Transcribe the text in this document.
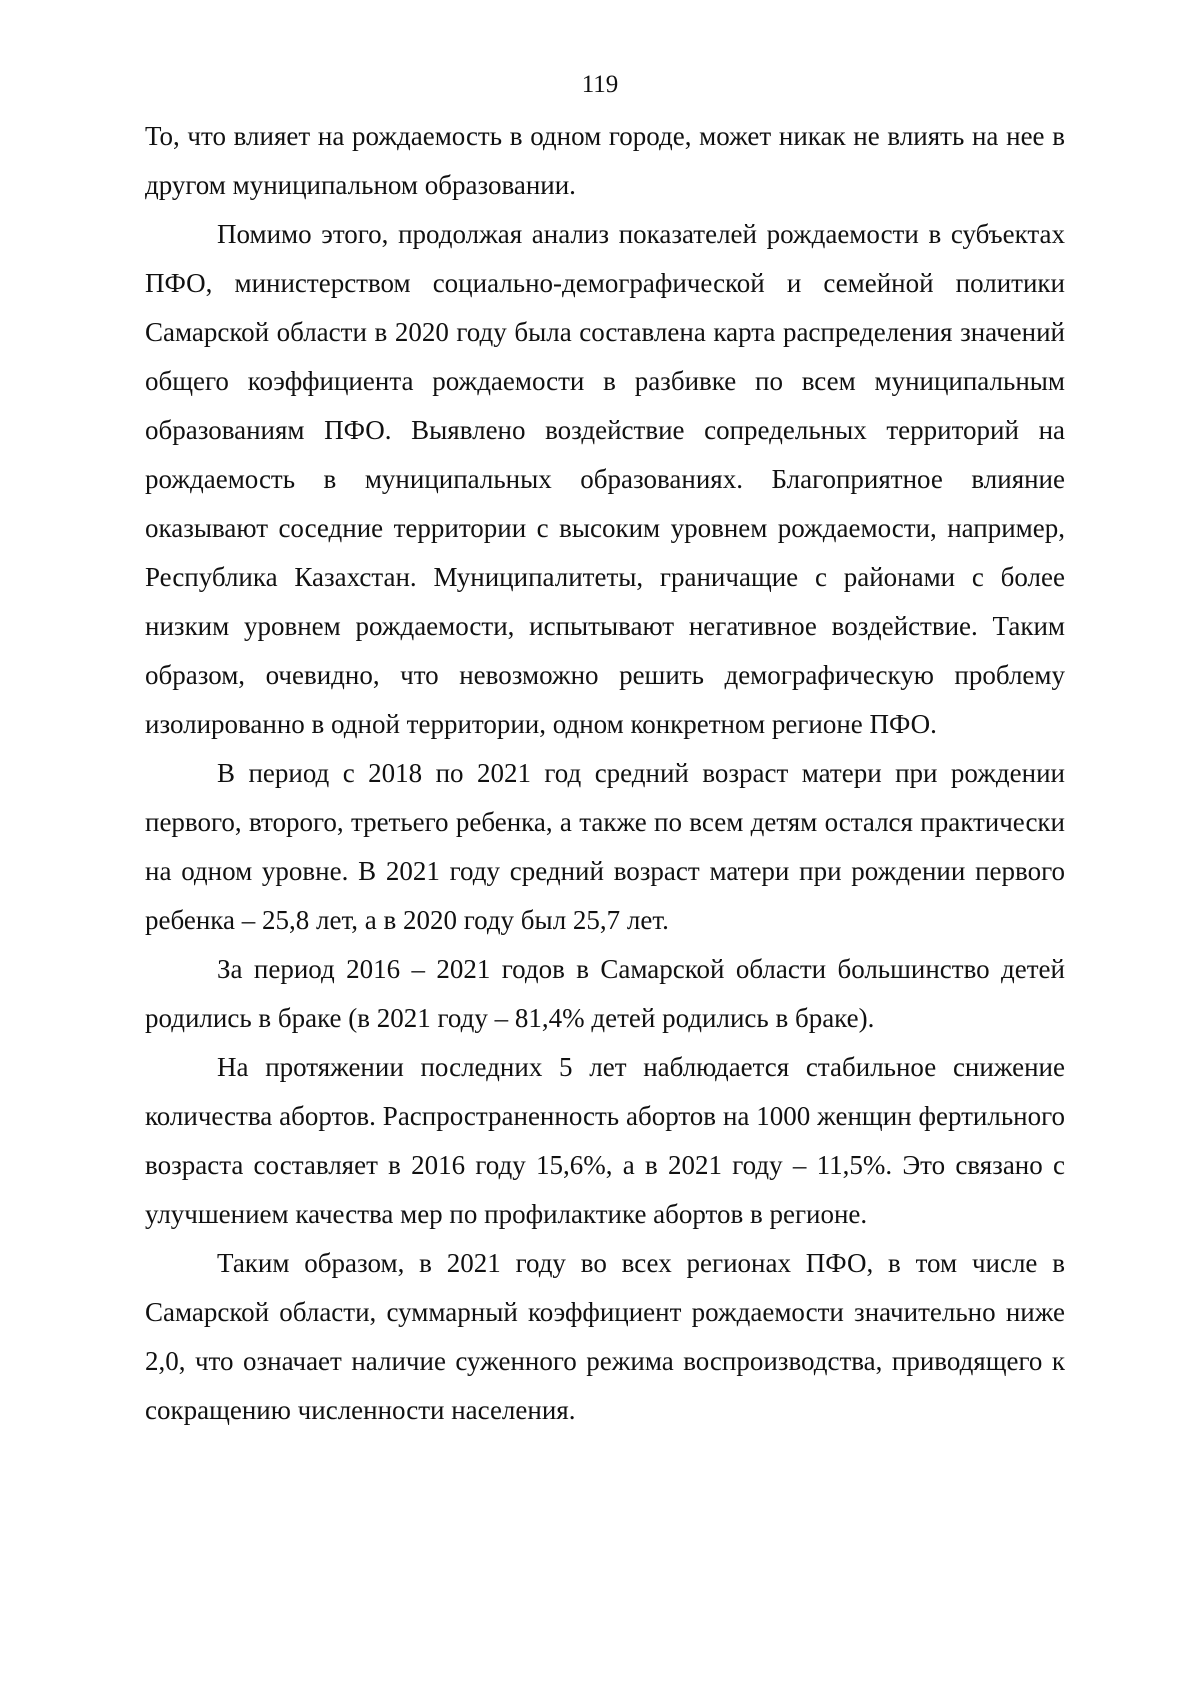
119

То, что влияет на рождаемость в одном городе, может никак не влиять на нее в другом муниципальном образовании.

Помимо этого, продолжая анализ показателей рождаемости в субъектах ПФО, министерством социально-демографической и семейной политики Самарской области в 2020 году была составлена карта распределения значений общего коэффициента рождаемости в разбивке по всем муниципальным образованиям ПФО. Выявлено воздействие сопредельных территорий на рождаемость в муниципальных образованиях. Благоприятное влияние оказывают соседние территории с высоким уровнем рождаемости, например, Республика Казахстан. Муниципалитеты, граничащие с районами с более низким уровнем рождаемости, испытывают негативное воздействие. Таким образом, очевидно, что невозможно решить демографическую проблему изолированно в одной территории, одном конкретном регионе ПФО.

В период с 2018 по 2021 год средний возраст матери при рождении первого, второго, третьего ребенка, а также по всем детям остался практически на одном уровне. В 2021 году средний возраст матери при рождении первого ребенка – 25,8 лет, а в 2020 году был 25,7 лет.

За период 2016 – 2021 годов в Самарской области большинство детей родились в браке (в 2021 году – 81,4% детей родились в браке).

На протяжении последних 5 лет наблюдается стабильное снижение количества абортов. Распространенность абортов на 1000 женщин фертильного возраста составляет в 2016 году 15,6%, а в 2021 году – 11,5%. Это связано с улучшением качества мер по профилактике абортов в регионе.

Таким образом, в 2021 году во всех регионах ПФО, в том числе в Самарской области, суммарный коэффициент рождаемости значительно ниже 2,0, что означает наличие суженного режима воспроизводства, приводящего к сокращению численности населения.
